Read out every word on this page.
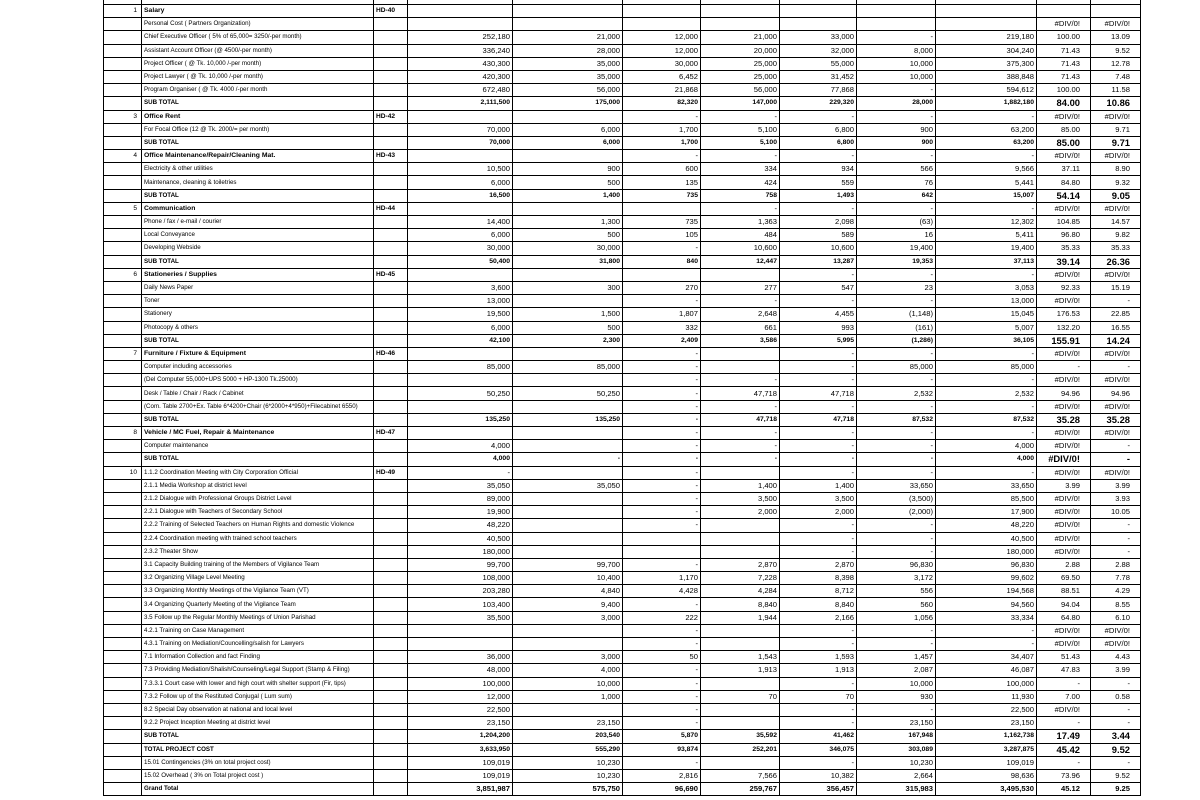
1	Salary	HD-40									
	Personal Cost ( Partners Organization)									#DIV/0!	#DIV/0!
	Chief Executive Officer ( 5% of 65,000= 3250/-per month)		252,180	21,000	12,000	21,000	33,000	-	219,180	100.00	13.09
	Assistant Account Officer (@ 4500/-per month)		336,240	28,000	12,000	20,000	32,000	8,000	304,240	71.43	9.52
	Project Officer ( @ Tk. 10,000 /-per month)		430,300	35,000	30,000	25,000	55,000	10,000	375,300	71.43	12.78
	Project Lawyer ( @ Tk. 10,000 /-per month)		420,300	35,000	6,452	25,000	31,452	10,000	388,848	71.43	7.48
	Program Organiser ( @ Tk. 4000 /-per month		672,480	56,000	21,868	56,000	77,868	-	594,612	100.00	11.58
	SUB TOTAL		2,111,500	175,000	82,320	147,000	229,320	28,000	1,882,180	84.00	10.86
3	Office Rent	HD-42			-	-	-	-	-	#DIV/0!	#DIV/0!
	For Focal Office (12 @ Tk. 2000/= per month)		70,000	6,000	1,700	5,100	6,800	900	63,200	85.00	9.71
	SUB TOTAL		70,000	6,000	1,700	5,100	6,800	900	63,200	85.00	9.71
4	Office Maintenance/Repair/Cleaning Mat.	HD-43			-	-	-	-	-	#DIV/0!	#DIV/0!
	Electricity & other utilities		10,500	900	600	334	934	566	9,566	37.11	8.90
	Maintenance, cleaning & toiletries		6,000	500	135	424	559	76	5,441	84.80	9.32
	SUB TOTAL		16,500	1,400	735	758	1,493	642	15,007	54.14	9.05
5	Communication	HD-44				-	-	-	-	#DIV/0!	#DIV/0!
	Phone / fax / e-mail / courier		14,400	1,300	735	1,363	2,098	(63)	12,302	104.85	14.57
	Local Conveyance		6,000	500	105	484	589	16	5,411	96.80	9.82
	Developing Webside		30,000	30,000	-	10,600	10,600	19,400	19,400	35.33	35.33
	SUB TOTAL		50,400	31,800	840	12,447	13,287	19,353	37,113	39.14	26.36
6	Stationeries / Supplies	HD-45					-	-	-	#DIV/0!	#DIV/0!
	Daily News Paper		3,600	300	270	277	547	23	3,053	92.33	15.19
	Toner		13,000		-	-	-	-	13,000	#DIV/0!	-
	Stationery		19,500	1,500	1,807	2,648	4,455	(1,148)	15,045	176.53	22.85
	Photocopy & others		6,000	500	332	661	993	(161)	5,007	132.20	16.55
	SUB TOTAL		42,100	2,300	2,409	3,586	5,995	(1,286)	36,105	155.91	14.24
7	Furniture / Fixture & Equipment	HD-46			-		-	-	-	#DIV/0!	#DIV/0!
	Computer including accessories		85,000	85,000	-		-	85,000	85,000	-	-
	(Del Computer 55,000+UPS 5000 + HP-1300 Tk.25000)				-	-	-	-	-	#DIV/0!	#DIV/0!
	Desk / Table / Chair / Rack / Cabinet		50,250	50,250	-	47,718	47,718	2,532	2,532	94.96	94.96
	(Com. Table 2700+Ex. Table 6*4200+Chair (6*2000+4*950)+Filecabinet 6550)				-	-	-	-	-	#DIV/0!	#DIV/0!
	SUB TOTAL		135,250	135,250	-	47,718	47,718	87,532	87,532	35.28	35.28
8	Vehicle / MC Fuel, Repair & Maintenance	HD-47			-	-	-	-	-	#DIV/0!	#DIV/0!
	Computer maintenance		4,000		-	-	-	-	4,000	#DIV/0!	-
	SUB TOTAL		4,000	-	-	-	-	-	4,000	#DIV/0!	-
10	1.1.2 Coordination Meeting with City Corporation Official	HD-49	-		-		-	-	-	#DIV/0!	#DIV/0!
	2.1.1 Media Workshop at district level		35,050	35,050	-	1,400	1,400	33,650	33,650	3.99	3.99
	2.1.2 Dialogue with Professional Groups District Level		89,000		-	3,500	3,500	(3,500)	85,500	#DIV/0!	3.93
	2.2.1 Dialogue with Teachers of Secondary School		19,900		-	2,000	2,000	(2,000)	17,900	#DIV/0!	10.05
	2.2.2 Training of Selected Teachers on Human Rights and domestic Violence		48,220		-		-	-	48,220	#DIV/0!	-
	2.2.4 Coordination meeting with trained school teachers		40,500				-	-	40,500	#DIV/0!	-
	2.3.2 Theater Show		180,000				-	-	180,000	#DIV/0!	-
	3.1 Capacity Building training of the Members of Vigilance Team		99,700	99,700	-	2,870	2,870	96,830	96,830	2.88	2.88
	3.2 Organizing Village Level Meeting		108,000	10,400	1,170	7,228	8,398	3,172	99,602	69.50	7.78
	3.3 Organizing Monthly Meetings of the Vigilance Team (VT)		203,280	4,840	4,428	4,284	8,712	556	194,568	88.51	4.29
	3.4 Organizing Quarterly Meeting of the Vigilance Team		103,400	9,400	-	8,840	8,840	560	94,560	94.04	8.55
	3.5 Follow up the Regular Monthly Meetings of Union Parishad		35,500	3,000	222	1,944	2,166	1,056	33,334	64.80	6.10
	4.2.1 Training on Case Management				-		-	-	-	#DIV/0!	#DIV/0!
	4.3.1 Training on Mediation/Councelling/salish for Lawyers				-		-	-	-	#DIV/0!	#DIV/0!
	7.1 Information Collection and fact Finding		36,000	3,000	50	1,543	1,593	1,457	34,407	51.43	4.43
	7.3 Providing Mediation/Shalish/Counseling/Legal Support (Stamp & Filing)		48,000	4,000	-	1,913	1,913	2,087	46,087	47.83	3.99
	7.3.3.1 Court case with lower and high court with shelter support (Fir, tips)		100,000	10,000	-		-	10,000	100,000	-	-
	7.3.2 Follow up of the Restituted Conjugal ( Lum sum)		12,000	1,000	-	70	70	930	11,930	7.00	0.58
	8.2 Special Day observation at national and local level		22,500		-		-	-	22,500	#DIV/0!	-
	9.2.2 Project Inception Meeting at district level		23,150	23,150	-		-	23,150	23,150	-	-
	SUB TOTAL		1,204,200	203,540	5,870	35,592	41,462	167,948	1,162,738	17.49	3.44
	TOTAL PROJECT COST		3,633,950	555,290	93,874	252,201	346,075	303,089	3,287,875	45.42	9.52
	15.01 Contingencies (3% on total project cost)		109,019	10,230	-		-	10,230	109,019	-	-
	15.02 Overhead ( 3% on Total project cost )		109,019	10,230	2,816	7,566	10,382	2,664	98,636	73.96	9.52
	Grand Total		3,851,987	575,750	96,690	259,767	356,457	315,983	3,495,530	45.12	9.25
